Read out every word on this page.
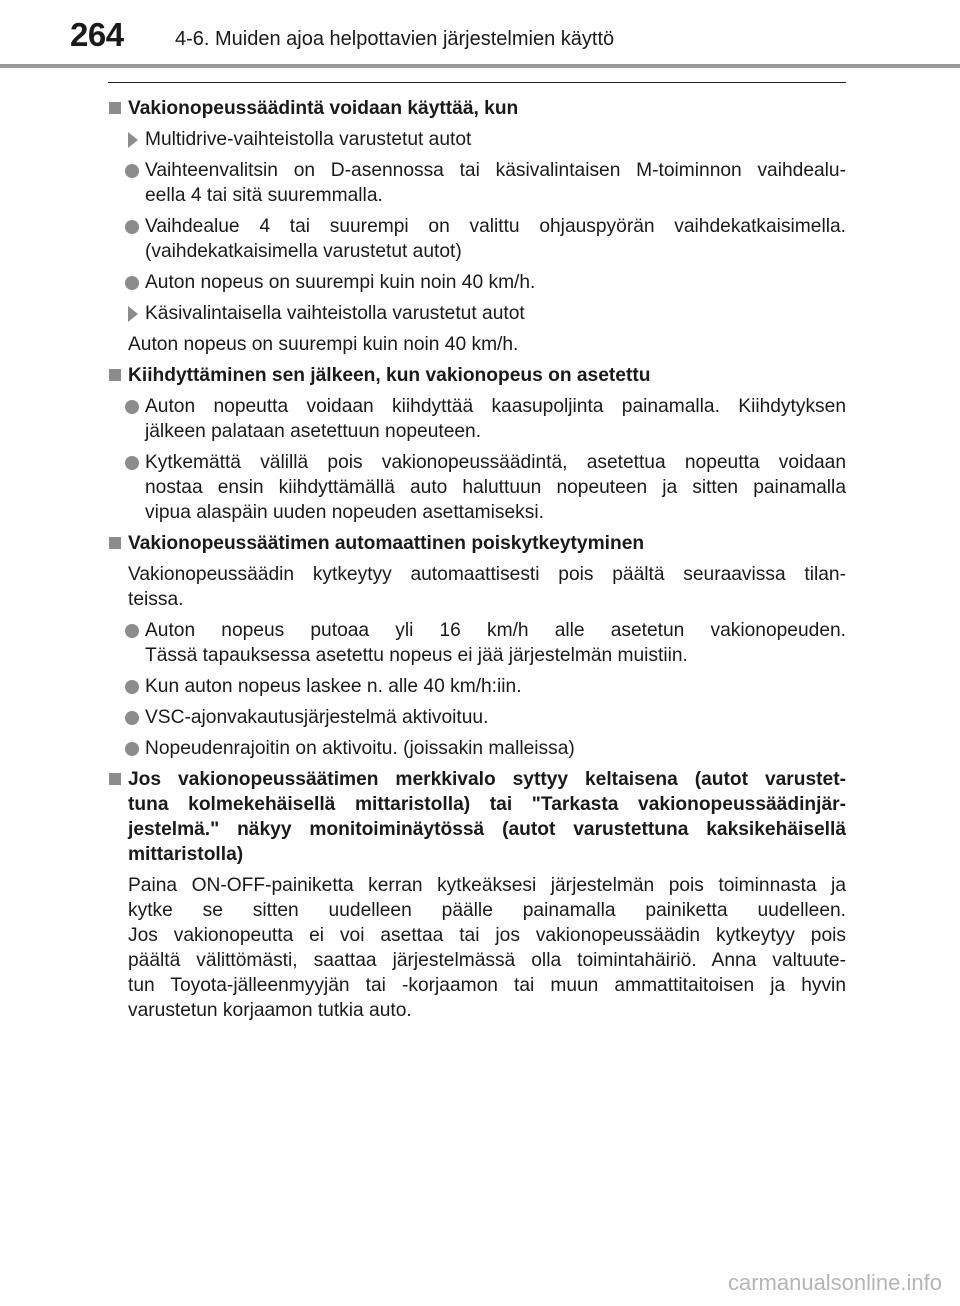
264	4-6. Muiden ajoa helpottavien järjestelmien käyttö
Vakionopeussäädintä voidaan käyttää, kun
Multidrive-vaihteistolla varustetut autot
Vaihteenvalitsin on D-asennossa tai käsivalintaisen M-toiminnon vaihdealu-
eella 4 tai sitä suuremmalla.
Vaihdealue 4 tai suurempi on valittu ohjauspyörän vaihdekatkaisimella.
(vaihdekatkaisimella varustetut autot)
Auton nopeus on suurempi kuin noin 40 km/h.
Käsivalintaisella vaihteistolla varustetut autot
Auton nopeus on suurempi kuin noin 40 km/h.
Kiihdyttäminen sen jälkeen, kun vakionopeus on asetettu
Auton nopeutta voidaan kiihdyttää kaasupoljinta painamalla. Kiihdytyksen
jälkeen palataan asetettuun nopeuteen.
Kytkemättä välillä pois vakionopeussäädintä, asetettua nopeutta voidaan
nostaa ensin kiihdyttämällä auto haluttuun nopeuteen ja sitten painamalla
vipua alaspäin uuden nopeuden asettamiseksi.
Vakionopeussäätimen automaattinen poiskytkeytyminen
Vakionopeussäädin kytkeytyy automaattisesti pois päältä seuraavissa tilan-
teissa.
Auton nopeus putoaa yli 16 km/h alle asetetun vakionopeuden.
Tässä tapauksessa asetettu nopeus ei jää järjestelmän muistiin.
Kun auton nopeus laskee n. alle 40 km/h:iin.
VSC-ajonvakautusjärjestelmä aktivoituu.
Nopeudenrajoitin on aktivoitu. (joissakin malleissa)
Jos vakionopeussäätimen merkkivalo syttyy keltaisena (autot varustet-
tuna kolmekehäisellä mittaristolla) tai "Tarkasta vakionopeussäädinjär-
jestelmä." näkyy monitoiminäytössä (autot varustettuna kaksikehäisellä
mittaristolla)
Paina ON-OFF-painiketta kerran kytkeäksesi järjestelmän pois toiminnasta ja
kytke se sitten uudelleen päälle painamalla painiketta uudelleen.
Jos vakionopeutta ei voi asettaa tai jos vakionopeussäädin kytkeytyy pois
päältä välittömästi, saattaa järjestelmässä olla toimintahäiriö. Anna valtuute-
tun Toyota-jälleenmyyjän tai -korjaamon tai muun ammattitaitoisen ja hyvin
varustetun korjaamon tutkia auto.
carmanualsonline.info
